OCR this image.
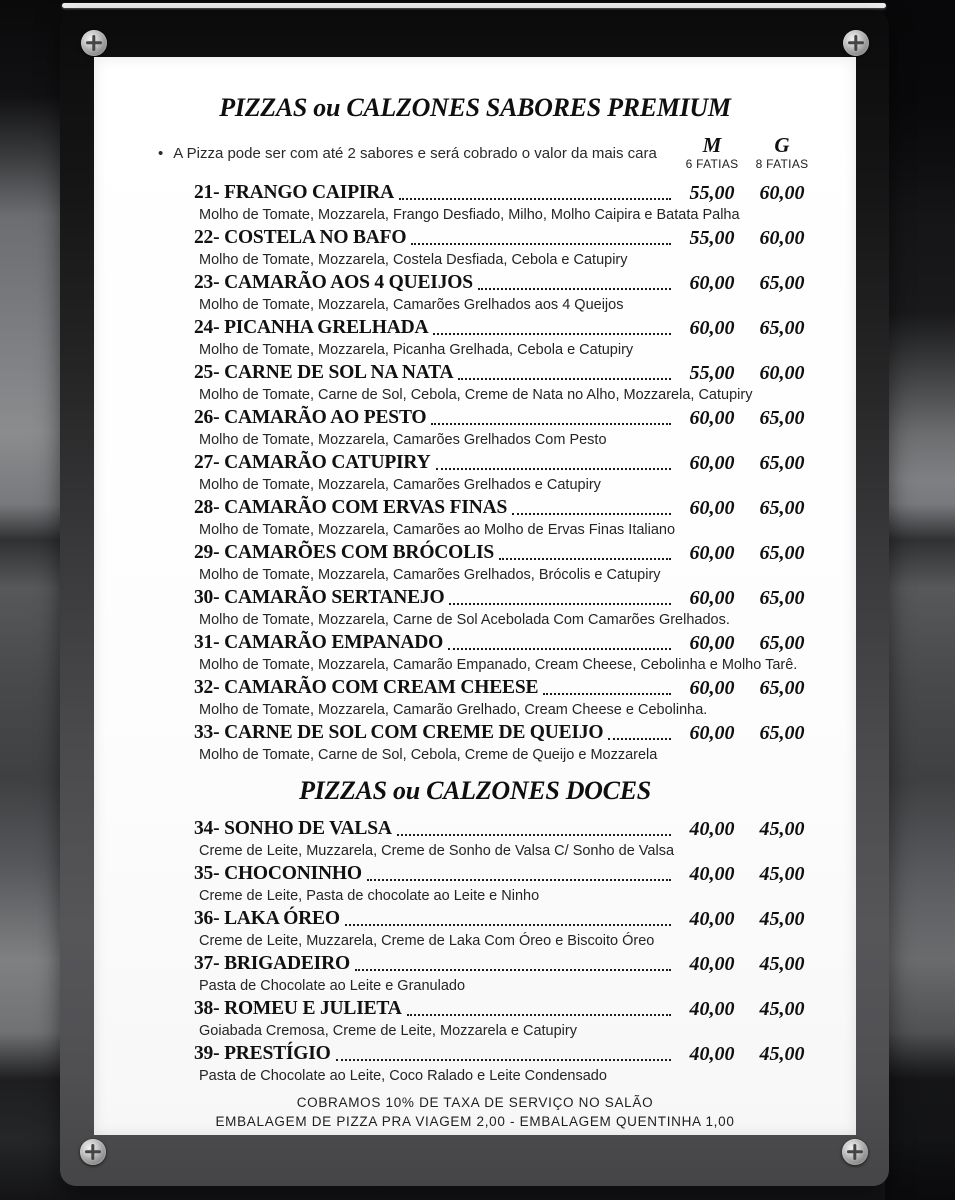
PIZZAS ou CALZONES SABORES PREMIUM
• A Pizza pode ser com até 2 sabores e será cobrado o valor da mais cara	M
6 FATIAS
G
8 FATIAS
21- FRANGO CAIPIRA	55,00	60,00
Molho de Tomate, Mozzarela, Frango Desfiado, Milho, Molho Caipira e Batata Palha
22- COSTELA NO BAFO	55,00	60,00
Molho de Tomate, Mozzarela, Costela Desfiada, Cebola e Catupiry
23- CAMARÃO AOS 4 QUEIJOS	60,00	65,00
Molho de Tomate, Mozzarela, Camarões Grelhados aos 4 Queijos
24- PICANHA GRELHADA	60,00	65,00
Molho de Tomate, Mozzarela, Picanha Grelhada, Cebola e Catupiry
25- CARNE DE SOL NA NATA	55,00	60,00
Molho de Tomate, Carne de Sol, Cebola, Creme de Nata no Alho, Mozzarela, Catupiry
26- CAMARÃO AO PESTO	60,00	65,00
Molho de Tomate, Mozzarela, Camarões Grelhados Com Pesto
27- CAMARÃO CATUPIRY	60,00	65,00
Molho de Tomate, Mozzarela, Camarões Grelhados e Catupiry
28- CAMARÃO COM ERVAS FINAS	60,00	65,00
Molho de Tomate, Mozzarela, Camarões ao Molho de Ervas Finas Italiano
29- CAMARÕES COM BRÓCOLIS	60,00	65,00
Molho de Tomate, Mozzarela, Camarões Grelhados, Brócolis e Catupiry
30- CAMARÃO SERTANEJO	60,00	65,00
Molho de Tomate, Mozzarela, Carne de Sol Acebolada Com Camarões Grelhados.
31- CAMARÃO EMPANADO	60,00	65,00
Molho de Tomate, Mozzarela, Camarão Empanado, Cream Cheese, Cebolinha e Molho Tarê.
32- CAMARÃO COM CREAM CHEESE	60,00	65,00
Molho de Tomate, Mozzarela, Camarão Grelhado, Cream Cheese e Cebolinha.
33- CARNE DE SOL COM CREME DE QUEIJO	60,00	65,00
Molho de Tomate, Carne de Sol, Cebola, Creme de Queijo e Mozzarela
PIZZAS ou CALZONES DOCES
34- SONHO DE VALSA	40,00	45,00
Creme de Leite, Muzzarela, Creme de Sonho de Valsa C/ Sonho de Valsa
35- CHOCONINHO	40,00	45,00
Creme de Leite, Pasta de chocolate ao Leite e Ninho
36- LAKA ÓREO	40,00	45,00
Creme de Leite, Muzzarela, Creme de Laka Com Óreo e Biscoito Óreo
37- BRIGADEIRO	40,00	45,00
Pasta de Chocolate ao Leite e Granulado
38- ROMEU E JULIETA	40,00	45,00
Goiabada Cremosa, Creme de Leite, Mozzarela e Catupiry
39- PRESTÍGIO	40,00	45,00
Pasta de Chocolate ao Leite, Coco Ralado e Leite Condensado
COBRAMOS 10% DE TAXA DE SERVIÇO NO SALÃO
EMBALAGEM DE PIZZA PRA VIAGEM 2,00 - EMBALAGEM QUENTINHA 1,00
